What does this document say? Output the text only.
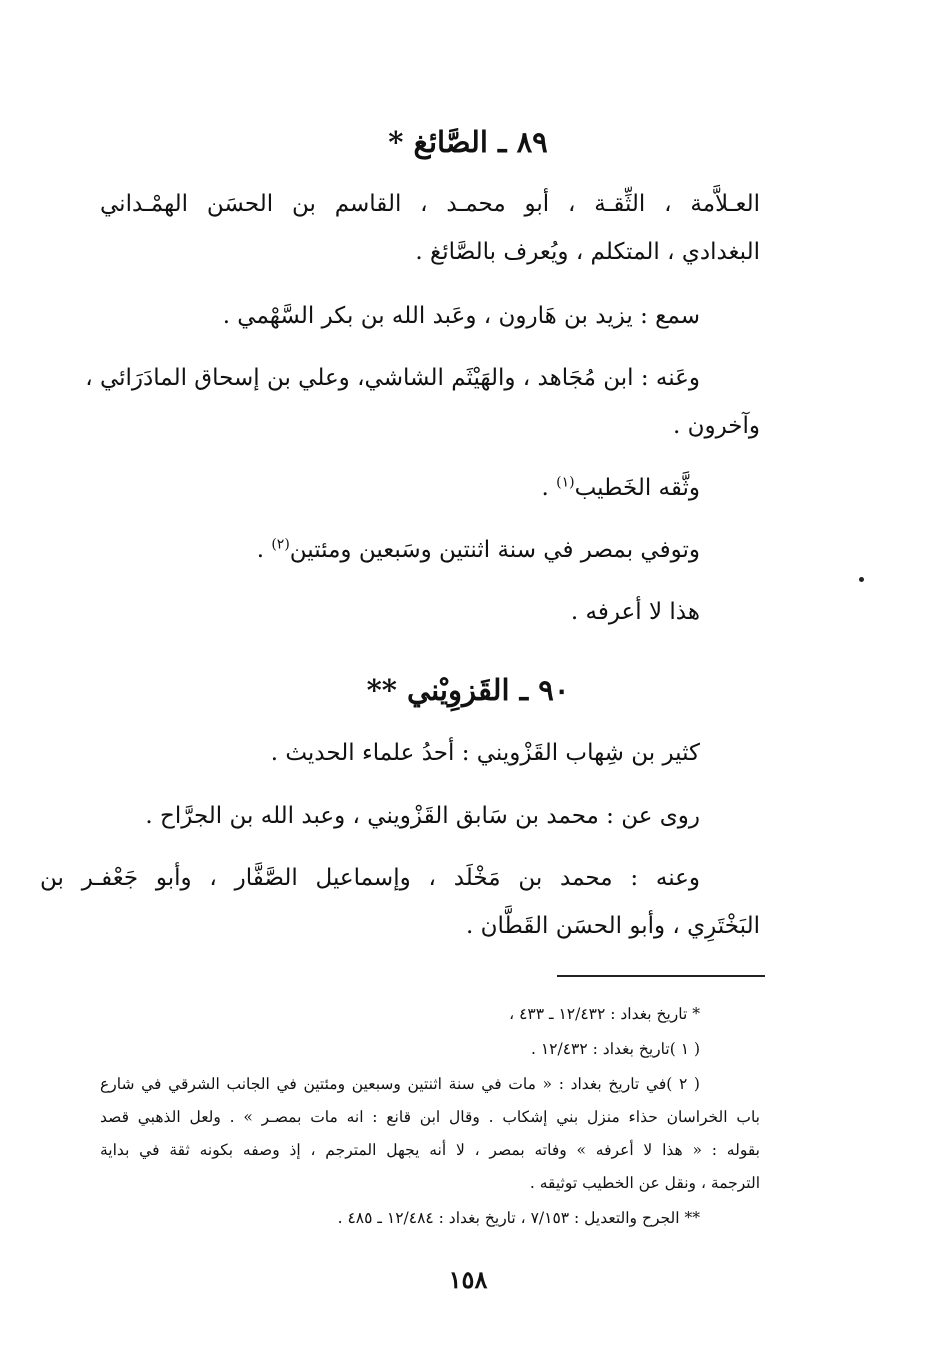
٨٩ ـ الصَّائغ *
العـلاَّمة ، الثِّقـة ، أبو محمـد ، القاسم بن الحسَن الهمْـداني
البغدادي ، المتكلم ، ويُعرف بالصَّائغ .
سمع : يزيد بن هَارون ، وعَبد الله بن بكر السَّهْمي .
وعَنه : ابن مُجَاهد ، والهَيْثَم الشاشي، وعلي بن إسحاق المادَرَائي ،
وآخرون .
وثَّقه الخَطيب$^{(١)}$ .
وتوفي بمصر في سنة اثنتين وسَبعين ومئتين$^{(٢)}$ .
هذا لا أعرفه .
٩٠ ـ القَزوِيْني **
كثير بن شِهاب القَزْويني : أحدُ علماء الحديث .
روى عن : محمد بن سَابق القَزْويني ، وعبد الله بن الجرَّاح .
وعنه : محمد بن مَخْلَد ، وإسماعيل الصَّفَّار ، وأبو جَعْفـر بن
البَخْتَرِي ، وأبو الحسَن القَطَّان .
* تاريخ بغداد : ١٢/٤٣٢ ـ ٤٣٣ ،
( ١ )تاريخ بغداد : ١٢/٤٣٢ .
( ٢ )في تاريخ بغداد : « مات في سنة اثنتين وسبعين ومئتين في الجانب الشرقي في شارع
باب الخراسان حذاء منزل بني إشكاب . وقال ابن قانع : انه مات بمصـر » . ولعل الذهبي قصد
بقوله : « هذا لا أعرفه » وفاته بمصر ، لا أنه يجهل المترجم ، إذ وصفه بكونه ثقة في بداية
الترجمة ، ونقل عن الخطيب توثيقه .
** الجرح والتعديل : ٧/١٥٣ ، تاريخ بغداد : ١٢/٤٨٤ ـ ٤٨٥ .
١٥٨
